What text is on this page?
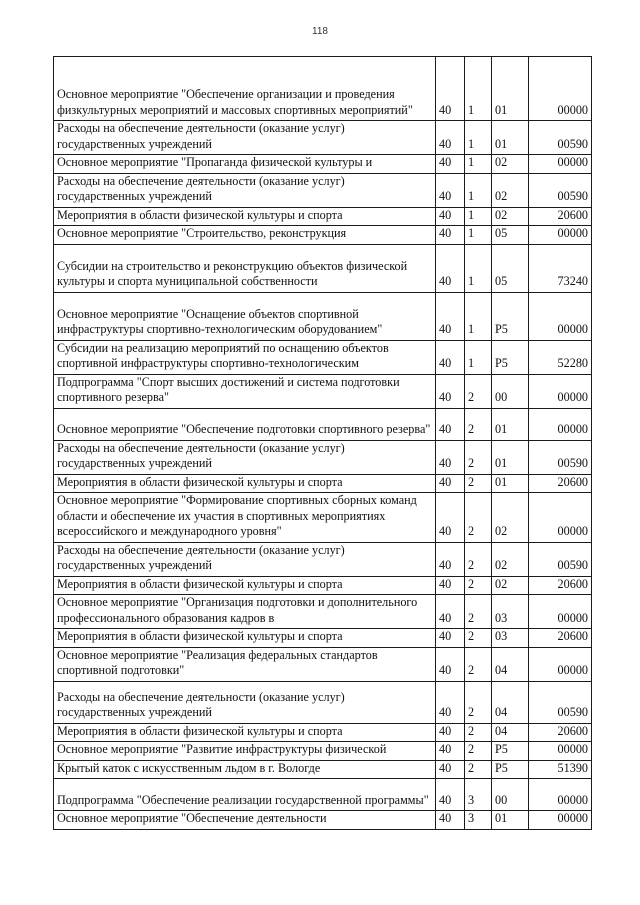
118
Основное мероприятие "Обеспечение организации и проведения физкультурных мероприятий и массовых спортивных мероприятий"	40	1	01	00000
Расходы на обеспечение деятельности (оказание услуг) государственных учреждений	40	1	01	00590
Основное мероприятие "Пропаганда физической культуры и	40	1	02	00000
Расходы на обеспечение деятельности (оказание услуг) государственных учреждений	40	1	02	00590
Мероприятия в области физической культуры и спорта	40	1	02	20600
Основное мероприятие "Строительство, реконструкция	40	1	05	00000
Субсидии на строительство и реконструкцию объектов физической культуры и спорта муниципальной собственности	40	1	05	73240
Основное мероприятие "Оснащение объектов спортивной инфраструктуры спортивно-технологическим оборудованием"	40	1	P5	00000
Субсидии на реализацию мероприятий по оснащению объектов спортивной инфраструктуры спортивно-технологическим	40	1	P5	52280
Подпрограмма "Спорт высших достижений и система подготовки спортивного резерва"	40	2	00	00000
Основное мероприятие "Обеспечение подготовки спортивного резерва"	40	2	01	00000
Расходы на обеспечение деятельности (оказание услуг) государственных учреждений	40	2	01	00590
Мероприятия в области физической культуры и спорта	40	2	01	20600
Основное мероприятие "Формирование спортивных сборных команд области и обеспечение их участия в спортивных мероприятиях всероссийского и международного уровня"	40	2	02	00000
Расходы на обеспечение деятельности (оказание услуг) государственных учреждений	40	2	02	00590
Мероприятия в области физической культуры и спорта	40	2	02	20600
Основное мероприятие "Организация подготовки и дополнительного профессионального образования кадров в	40	2	03	00000
Мероприятия в области физической культуры и спорта	40	2	03	20600
Основное мероприятие "Реализация федеральных стандартов спортивной подготовки"	40	2	04	00000
Расходы на обеспечение деятельности (оказание услуг) государственных учреждений	40	2	04	00590
Мероприятия в области физической культуры и спорта	40	2	04	20600
Основное мероприятие "Развитие инфраструктуры физической	40	2	P5	00000
Крытый каток с искусственным льдом в г. Вологде	40	2	P5	51390
Подпрограмма "Обеспечение реализации государственной программы"	40	3	00	00000
Основное мероприятие "Обеспечение деятельности	40	3	01	00000
